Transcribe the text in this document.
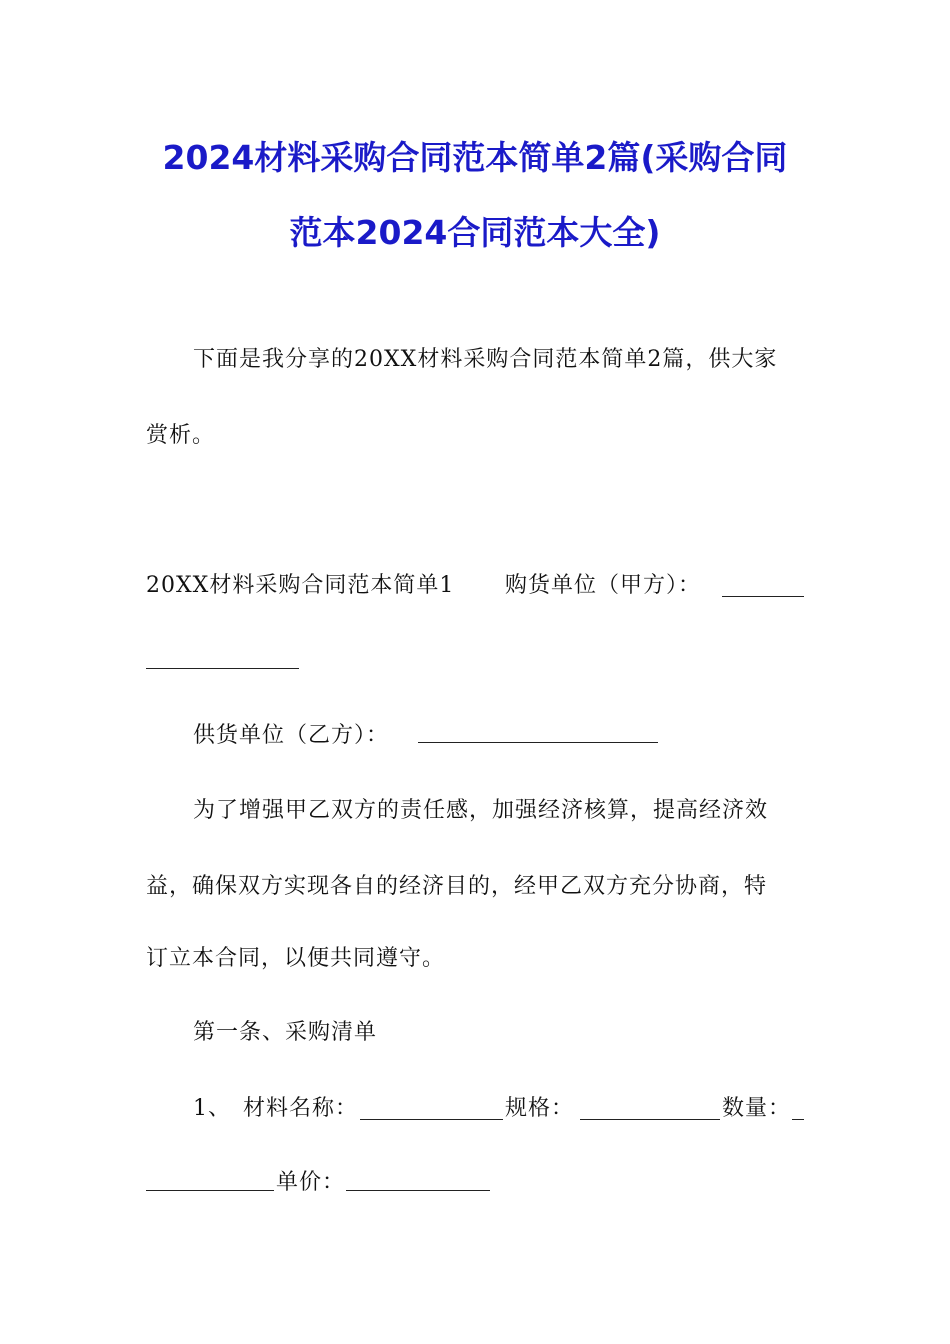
2024材料采购合同范本简单2篇(采购合同
范本2024合同范本大全)
下面是我分享的20XX材料采购合同范本简单2篇，供大家
赏析。
20XX材料采购合同范本简单1 购货单位（甲方）：
供货单位（乙方）：
为了增强甲乙双方的责任感，加强经济核算，提高经济效
益，确保双方实现各自的经济目的，经甲乙双方充分协商，特
订立本合同，以便共同遵守。
第一条、采购清单
1、 材料名称：	规格：	数量：
单价：
